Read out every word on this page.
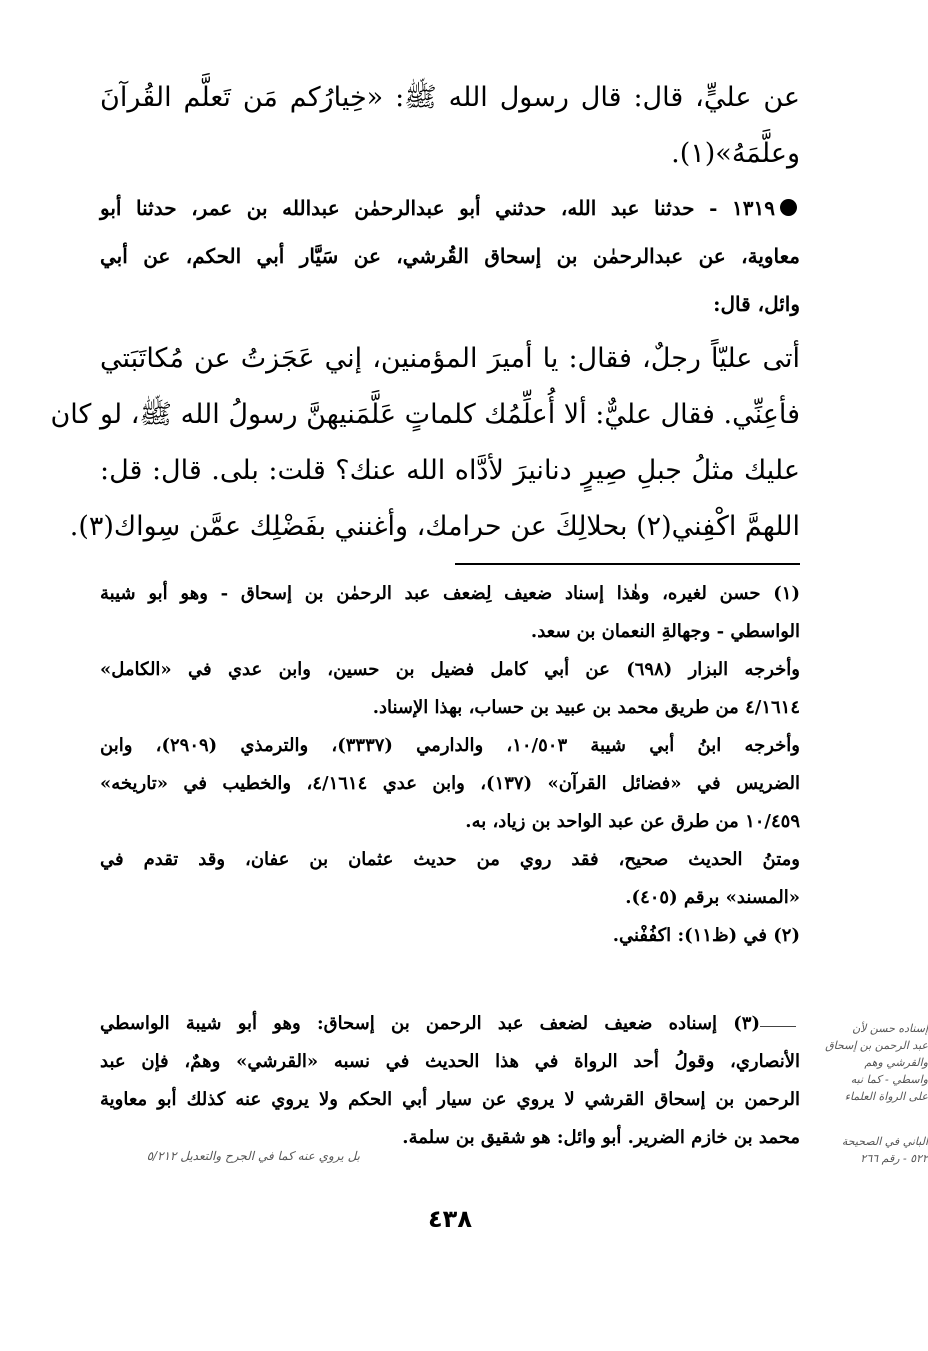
عن عليٍّ، قال: قال رسول الله ﷺ: «خِيارُكم مَن تَعلَّم القُرآنَ
وعلَّمَهُ»(١).
١٣١٩ - حدثنا عبد الله، حدثني أبو عبدالرحمٰن عبدالله بن عمر، حدثنا أبو
معاوية، عن عبدالرحمٰن بن إسحاق القُرشي، عن سَيَّار أبي الحكم، عن أبي
وائل، قال:
أتى عليّاً رجلٌ، فقال: يا أميرَ المؤمنين، إني عَجَزتُ عن مُكاتَبَتي
فأعِنِّي. فقال عليٌّ: ألا أُعلِّمُك كلماتٍ عَلَّمَنيهنَّ رسولُ الله ﷺ، لو كان
عليك مثلُ جبلِ صِيرٍ دنانيرَ لأدَّاه الله عنك؟ قلت: بلى. قال: قل:
اللهمَّ اكْفِني(٢) بحلالِكَ عن حرامك، وأغنني بفَضْلِك عمَّن سِواك(٣).
(١) حسن لغيره، وهٰذا إسناد ضعيف لِضعف عبد الرحمٰن بن إسحاق - وهو أبو شيبة
الواسطي - وجهالةِ النعمان بن سعد.
وأخرجه البزار (٦٩٨) عن أبي كامل فضيل بن حسين، وابن عدي في «الكامل»
٤/١٦١٤ من طريق محمد بن عبيد بن حساب، بهذا الإسناد.
وأخرجه ابنُ أبي شيبة ١٠/٥٠٣، والدارمي (٣٣٣٧)، والترمذي (٢٩٠٩)، وابن
الضريس في «فضائل القرآن» (١٣٧)، وابن عدي ٤/١٦١٤، والخطيب في «تاريخه»
١٠/٤٥٩ من طرق عن عبد الواحد بن زياد، به.
ومتنُ الحديث صحيح، فقد روي من حديث عثمان بن عفان، وقد تقدم في
«المسند» برقم (٤٠٥).
(٢) في (ظ١١): اكفُفْني.
(٣) إسناده ضعيف لضعف عبد الرحمن بن إسحاق: وهو أبو شيبة الواسطي
الأنصاري، وقولُ أحد الرواة في هذا الحديث في نسبه «القرشي» وهمٌ، فإن عبد
الرحمن بن إسحاق القرشي لا يروي عن سيار أبي الحكم ولا يروي عنه كذلك أبو معاوية
محمد بن خازم الضرير. أبو وائل: هو شقيق بن سلمة.
إسناده حسن لأن
عبد الرحمن بن إسحاق
والقرشي وهم
واسطي - كما نبه
على الرواة العلماء
الباني في الصحيحة
٥٢٢ - رقم ٢٦٦
بل يروي عنه كما في الجرح والتعديل ٥/٢١٢
٤٣٨
